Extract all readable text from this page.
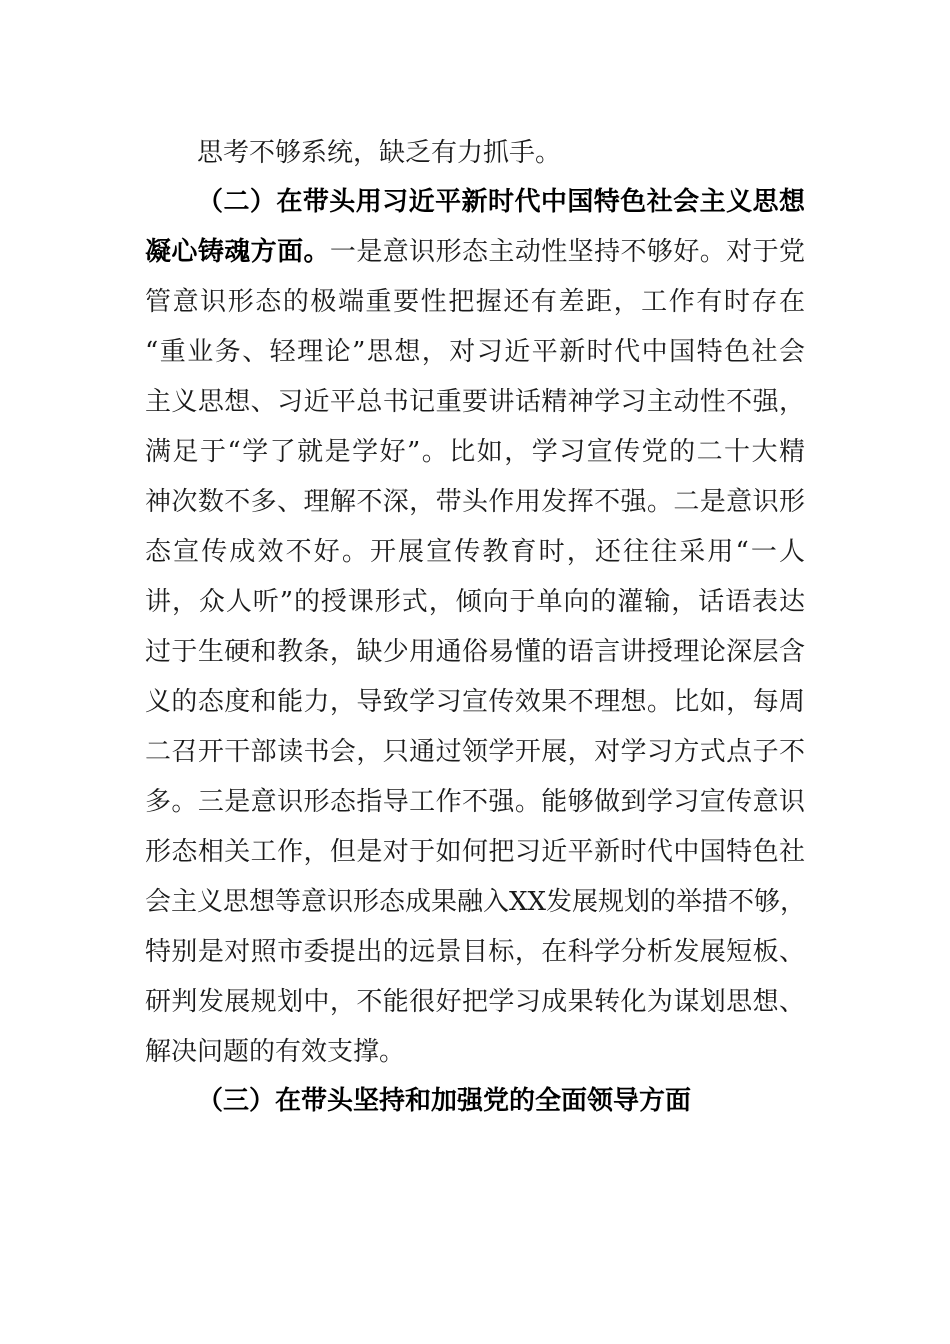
思考不够系统，缺乏有力抓手。
（二）在带头用习近平新时代中国特色社会主义思想
凝心铸魂方面。一是意识形态主动性坚持不够好。对于党
管意识形态的极端重要性把握还有差距，工作有时存在
“重业务、轻理论”思想，对习近平新时代中国特色社会
主义思想、习近平总书记重要讲话精神学习主动性不强，
满足于“学了就是学好”。比如，学习宣传党的二十大精
神次数不多、理解不深，带头作用发挥不强。二是意识形
态宣传成效不好。开展宣传教育时，还往往采用“一人
讲，众人听”的授课形式，倾向于单向的灌输，话语表达
过于生硬和教条，缺少用通俗易懂的语言讲授理论深层含
义的态度和能力，导致学习宣传效果不理想。比如，每周
二召开干部读书会，只通过领学开展，对学习方式点子不
多。三是意识形态指导工作不强。能够做到学习宣传意识
形态相关工作，但是对于如何把习近平新时代中国特色社
会主义思想等意识形态成果融入XX发展规划的举措不够，
特别是对照市委提出的远景目标，在科学分析发展短板、
研判发展规划中，不能很好把学习成果转化为谋划思想、
解决问题的有效支撑。
（三）在带头坚持和加强党的全面领导方面
